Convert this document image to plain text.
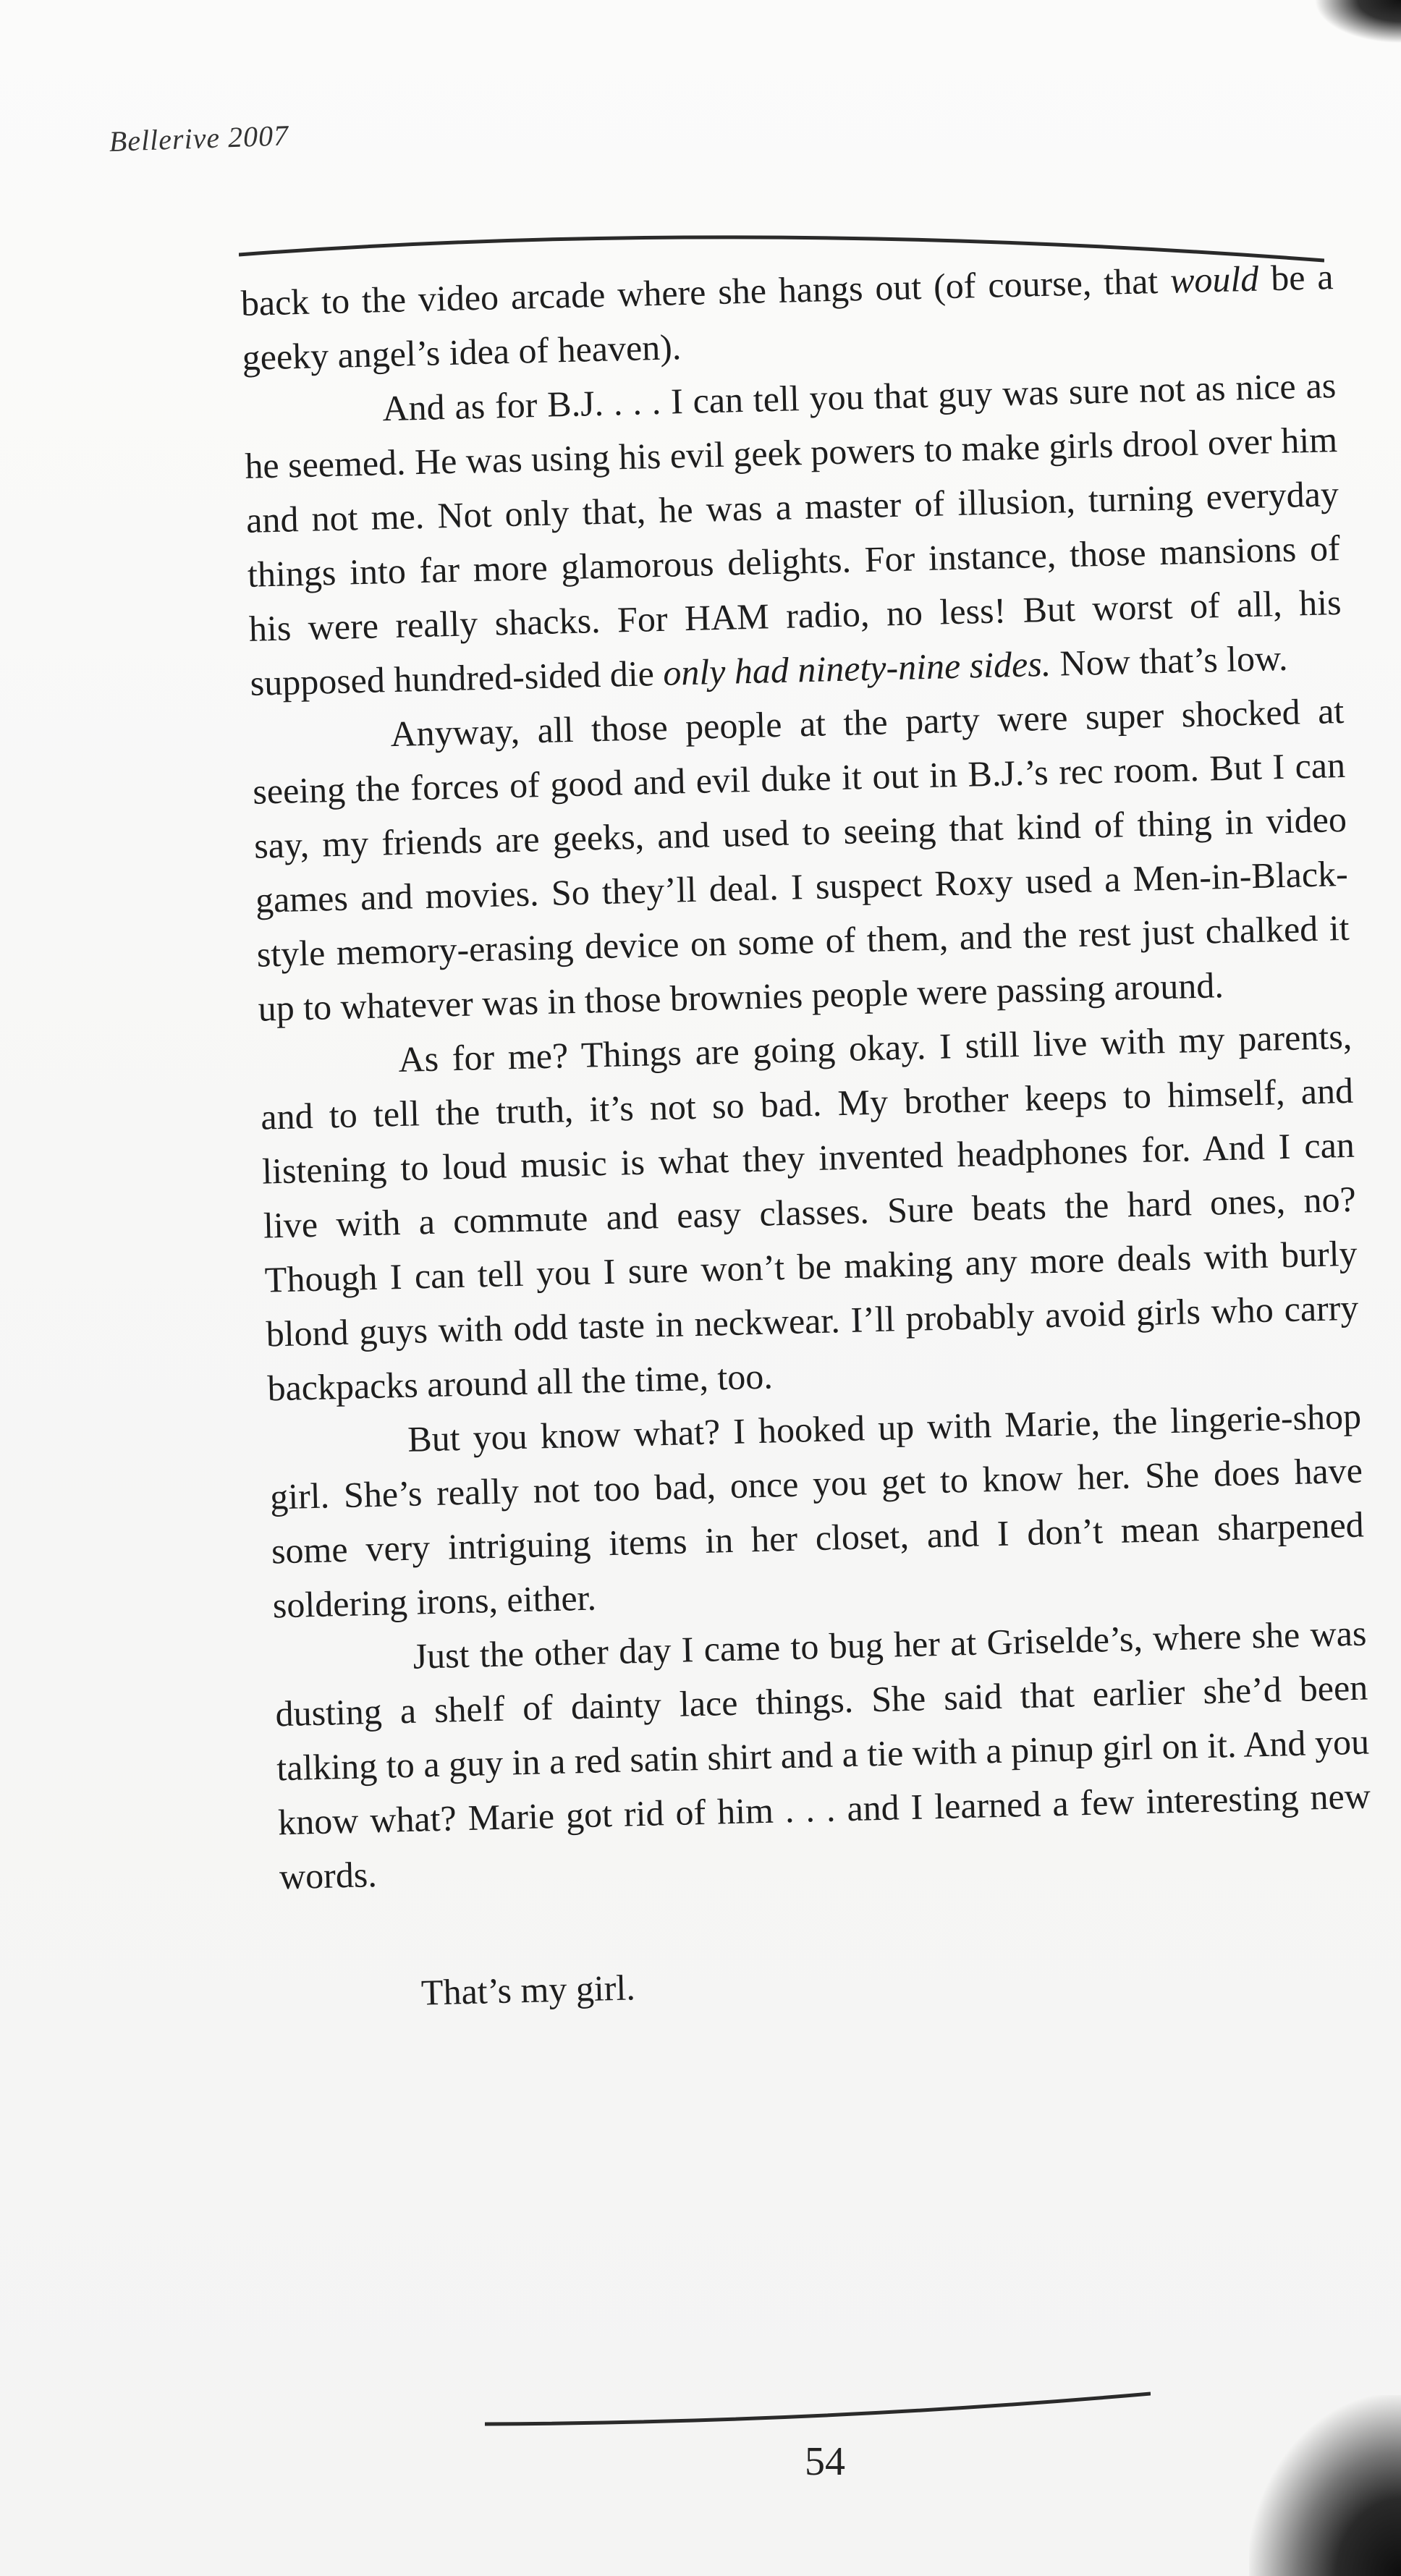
Bellerive 2007

back to the video arcade where she hangs out (of course, that would be a geeky angel’s idea of heaven).

And as for B.J. . . . I can tell you that guy was sure not as nice as he seemed. He was using his evil geek powers to make girls drool over him and not me. Not only that, he was a master of illusion, turning everyday things into far more glamorous delights. For instance, those mansions of his were really shacks. For HAM radio, no less! But worst of all, his supposed hundred-sided die only had ninety-nine sides. Now that’s low.

Anyway, all those people at the party were super shocked at seeing the forces of good and evil duke it out in B.J.’s rec room. But I can say, my friends are geeks, and used to seeing that kind of thing in video games and movies. So they’ll deal. I suspect Roxy used a Men-in-Black-style memory-erasing device on some of them, and the rest just chalked it up to whatever was in those brownies people were passing around.

As for me? Things are going okay. I still live with my parents, and to tell the truth, it’s not so bad. My brother keeps to himself, and listening to loud music is what they invented headphones for. And I can live with a commute and easy classes. Sure beats the hard ones, no? Though I can tell you I sure won’t be making any more deals with burly blond guys with odd taste in neckwear. I’ll probably avoid girls who carry backpacks around all the time, too.

But you know what? I hooked up with Marie, the lingerie-shop girl. She’s really not too bad, once you get to know her. She does have some very intriguing items in her closet, and I don’t mean sharpened soldering irons, either.

Just the other day I came to bug her at Griselde’s, where she was dusting a shelf of dainty lace things. She said that earlier she’d been talking to a guy in a red satin shirt and a tie with a pinup girl on it. And you know what? Marie got rid of him . . . and I learned a few interesting new words.

That’s my girl.

54
